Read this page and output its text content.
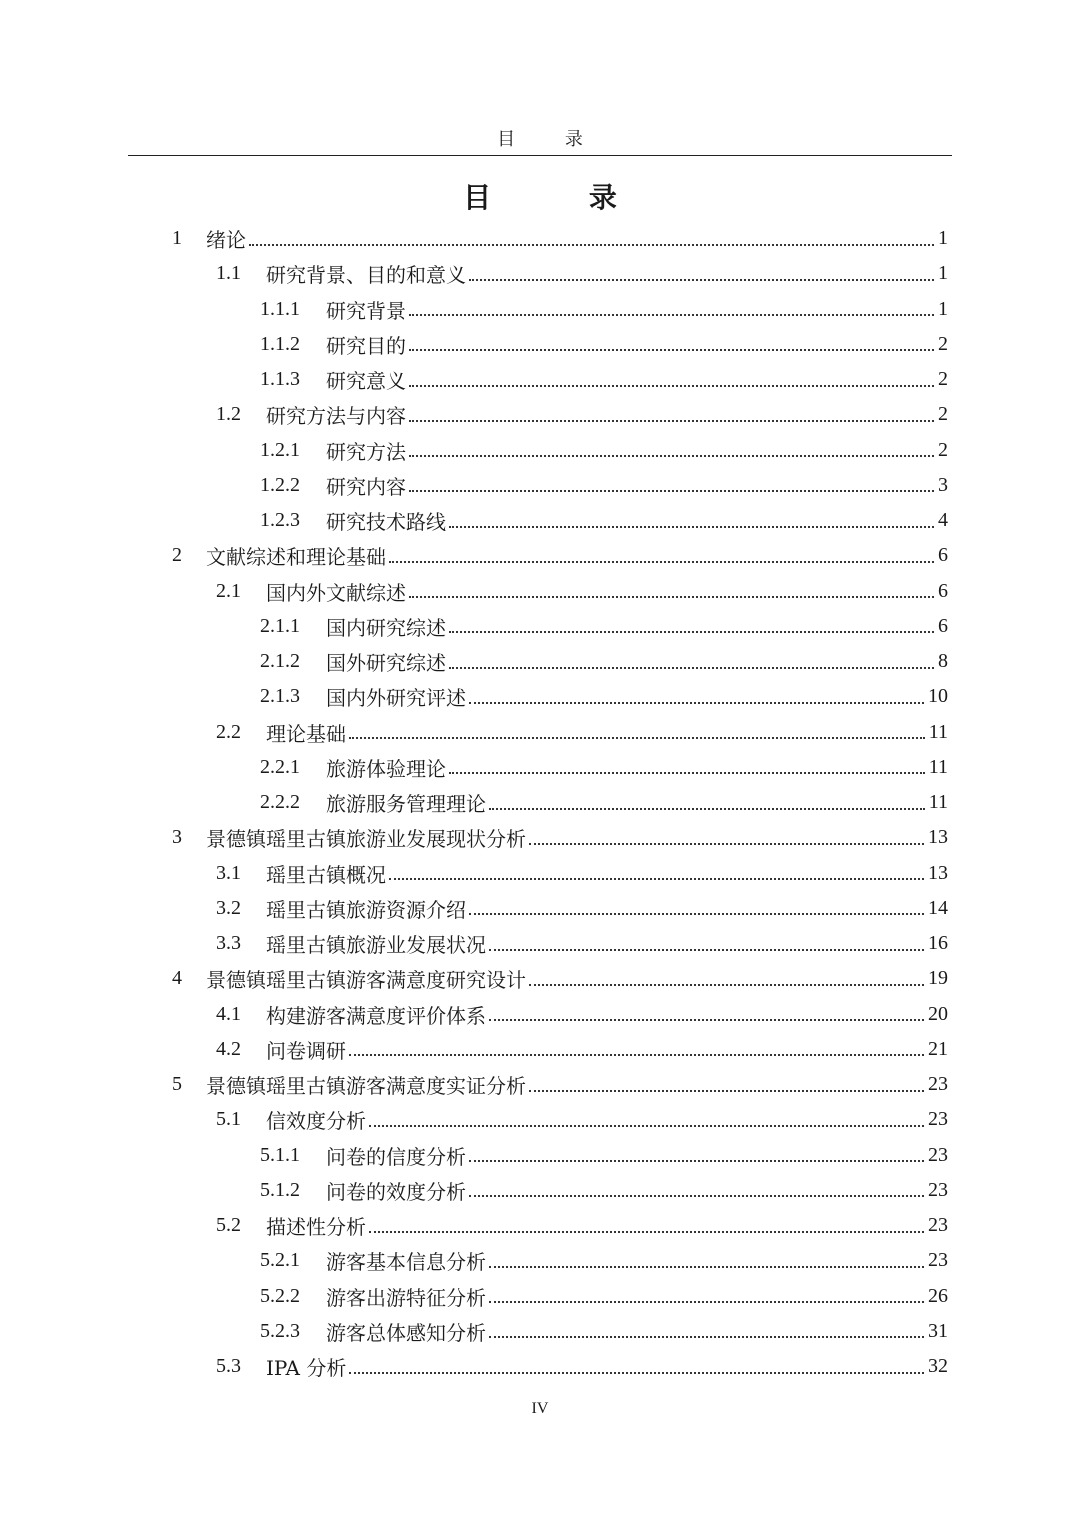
目 录
目 录
1	绪论	1
1.1	研究背景、目的和意义	1
1.1.1	研究背景	1
1.1.2	研究目的	2
1.1.3	研究意义	2
1.2	研究方法与内容	2
1.2.1	研究方法	2
1.2.2	研究内容	3
1.2.3	研究技术路线	4
2	文献综述和理论基础	6
2.1	国内外文献综述	6
2.1.1	国内研究综述	6
2.1.2	国外研究综述	8
2.1.3	国内外研究评述	10
2.2	理论基础	11
2.2.1	旅游体验理论	11
2.2.2	旅游服务管理理论	11
3	景德镇瑶里古镇旅游业发展现状分析	13
3.1	瑶里古镇概况	13
3.2	瑶里古镇旅游资源介绍	14
3.3	瑶里古镇旅游业发展状况	16
4	景德镇瑶里古镇游客满意度研究设计	19
4.1	构建游客满意度评价体系	20
4.2	问卷调研	21
5	景德镇瑶里古镇游客满意度实证分析	23
5.1	信效度分析	23
5.1.1	问卷的信度分析	23
5.1.2	问卷的效度分析	23
5.2	描述性分析	23
5.2.1	游客基本信息分析	23
5.2.2	游客出游特征分析	26
5.2.3	游客总体感知分析	31
5.3	IPA 分析	32
IV
